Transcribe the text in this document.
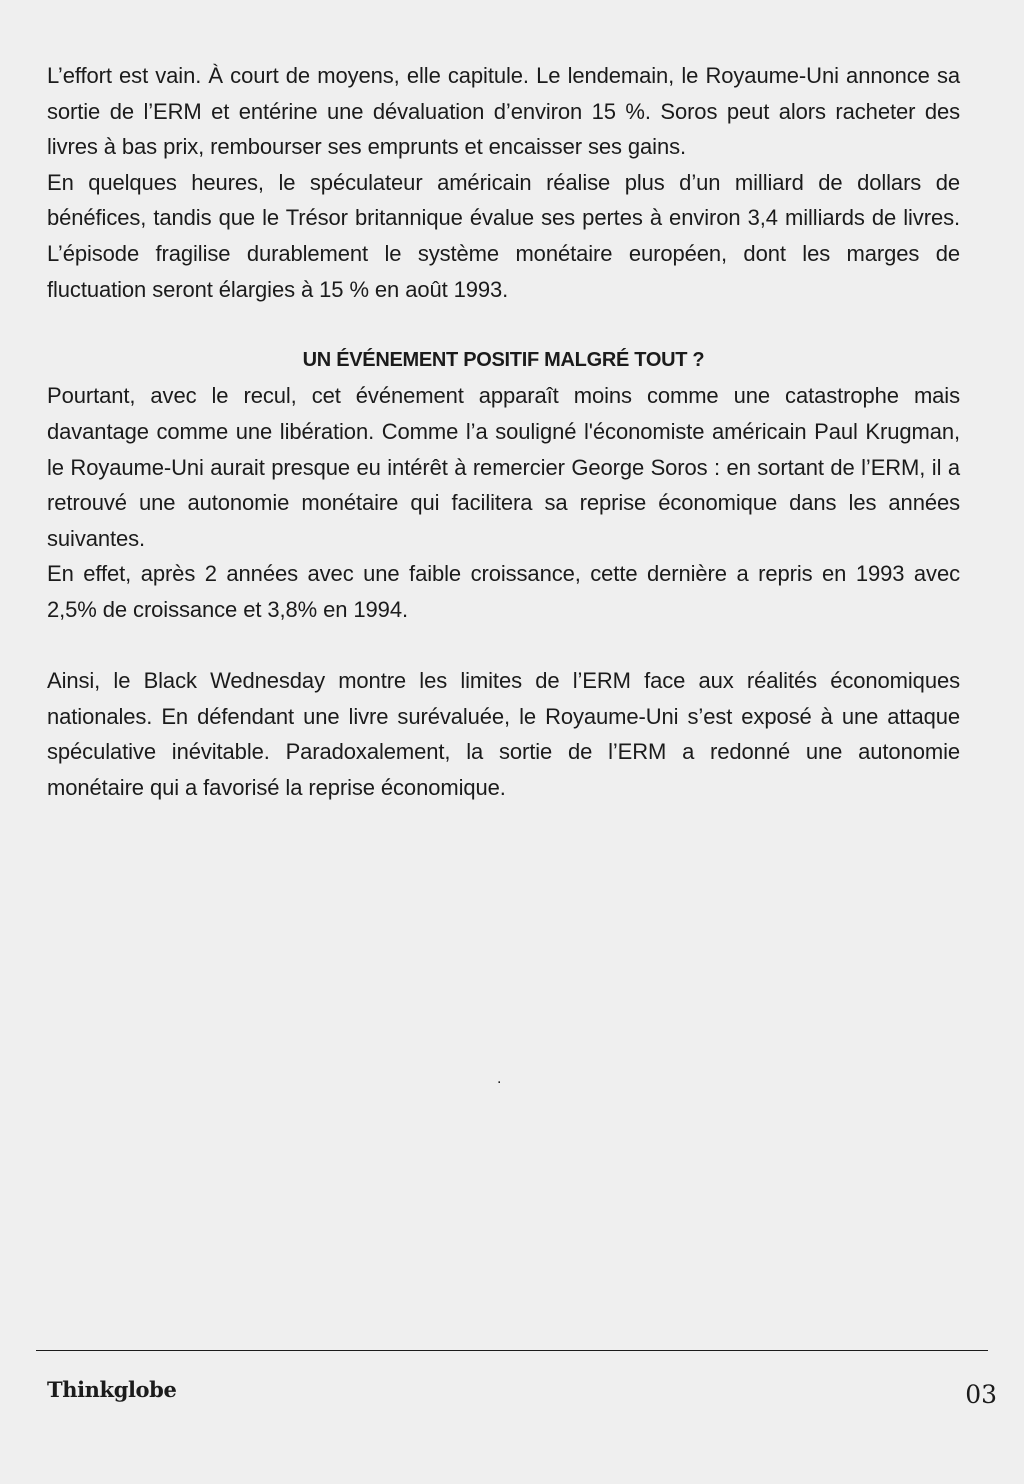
L’effort est vain. À court de moyens, elle capitule. Le lendemain, le Royaume-Uni annonce sa sortie de l’ERM et entérine une dévaluation d’environ 15 %. Soros peut alors racheter des livres à bas prix, rembourser ses emprunts et encaisser ses gains.

En quelques heures, le spéculateur américain réalise plus d’un milliard de dollars de bénéfices, tandis que le Trésor britannique évalue ses pertes à environ 3,4 milliards de livres. L’épisode fragilise durablement le système monétaire européen, dont les marges de fluctuation seront élargies à 15 % en août 1993.

UN ÉVÉNEMENT POSITIF MALGRÉ TOUT ?

Pourtant, avec le recul, cet événement apparaît moins comme une catastrophe mais davantage comme une libération. Comme l’a souligné l'économiste américain Paul Krugman, le Royaume-Uni aurait presque eu intérêt à remercier George Soros : en sortant de l’ERM, il a retrouvé une autonomie monétaire qui facilitera sa reprise économique dans les années suivantes.

En effet, après 2 années avec une faible croissance, cette dernière a repris en 1993 avec 2,5% de croissance et 3,8% en 1994.

Ainsi, le Black Wednesday montre les limites de l’ERM face aux réalités économiques nationales. En défendant une livre surévaluée, le Royaume-Uni s’est exposé à une attaque spéculative inévitable. Paradoxalement, la sortie de l’ERM a redonné une autonomie monétaire qui a favorisé la reprise économique.

.
Thinkglobe	03
